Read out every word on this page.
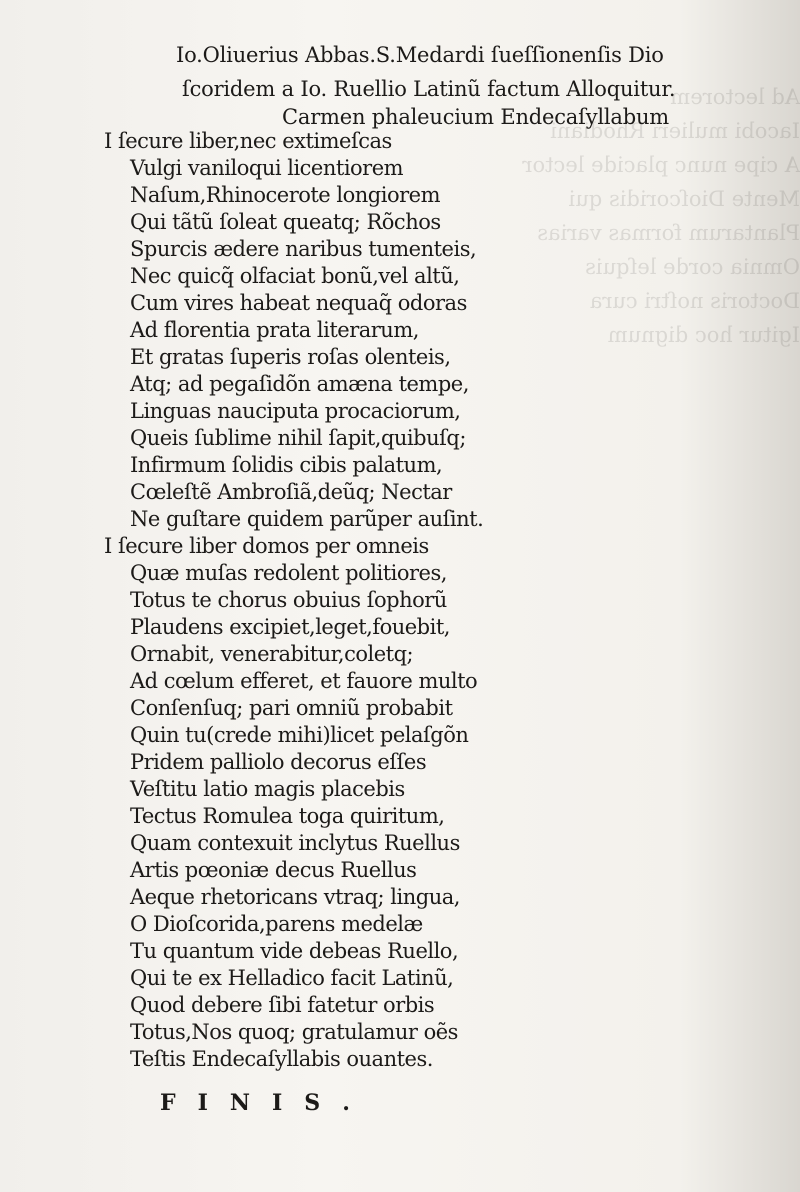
Ad lectorem
Iacobi mulieri Rhodiani
A cipe nunc placide lector
Mente Dioſcoridis qui
Plantarum formas varias
Omnia corde leſquis
Doctoris noſtri cura
Igitur hoc dignum
Io.Oliuerius Abbas.S.Medardi ſueſſionenſis Dio
ſcoridem a Io. Ruellio Latinũ factum Alloquitur.
Carmen phaleucium Endecaſyllabum
I ſecure liber,nec extimeſcas
Vulgi vaniloqui licentiorem
Naſum,Rhinocerote longiorem
Qui tãtũ ſoleat queatq; Rõchos
Spurcis ædere naribus tumenteis,
Nec quicq̃ olfaciat bonũ,vel altũ,
Cum vires habeat nequaq̃ odoras
Ad florentia prata literarum,
Et gratas ſuperis roſas olenteis,
Atq; ad pegaſidõn amæna tempe,
Linguas nauciputa procaciorum,
Queis ſublime nihil ſapit,quibuſq;
Infirmum ſolidis cibis palatum,
Cœleſtẽ Ambroſiã,deũq; Nectar
Ne guſtare quidem parũper auſint.
I ſecure liber domos per omneis
Quæ muſas redolent politiores,
Totus te chorus obuius ſophorũ
Plaudens excipiet,leget,fouebit,
Ornabit, venerabitur,coletq;
Ad cœlum efferet, et fauore multo
Conſenſuq; pari omniũ probabit
Quin tu(crede mihi)licet pelaſgõn
Pridem palliolo decorus eſſes
Veſtitu latio magis placebis
Tectus Romulea toga quiritum,
Quam contexuit inclytus Ruellus
Artis pœoniæ decus Ruellus
Aeque rhetoricans vtraq; lingua,
O Dioſcorida,parens medelæ
Tu quantum vide debeas Ruello,
Qui te ex Helladico facit Latinũ,
Quod debere ſibi fatetur orbis
Totus,Nos quoq; gratulamur oẽs
Teſtis Endecaſyllabis ouantes.
FINIS.
